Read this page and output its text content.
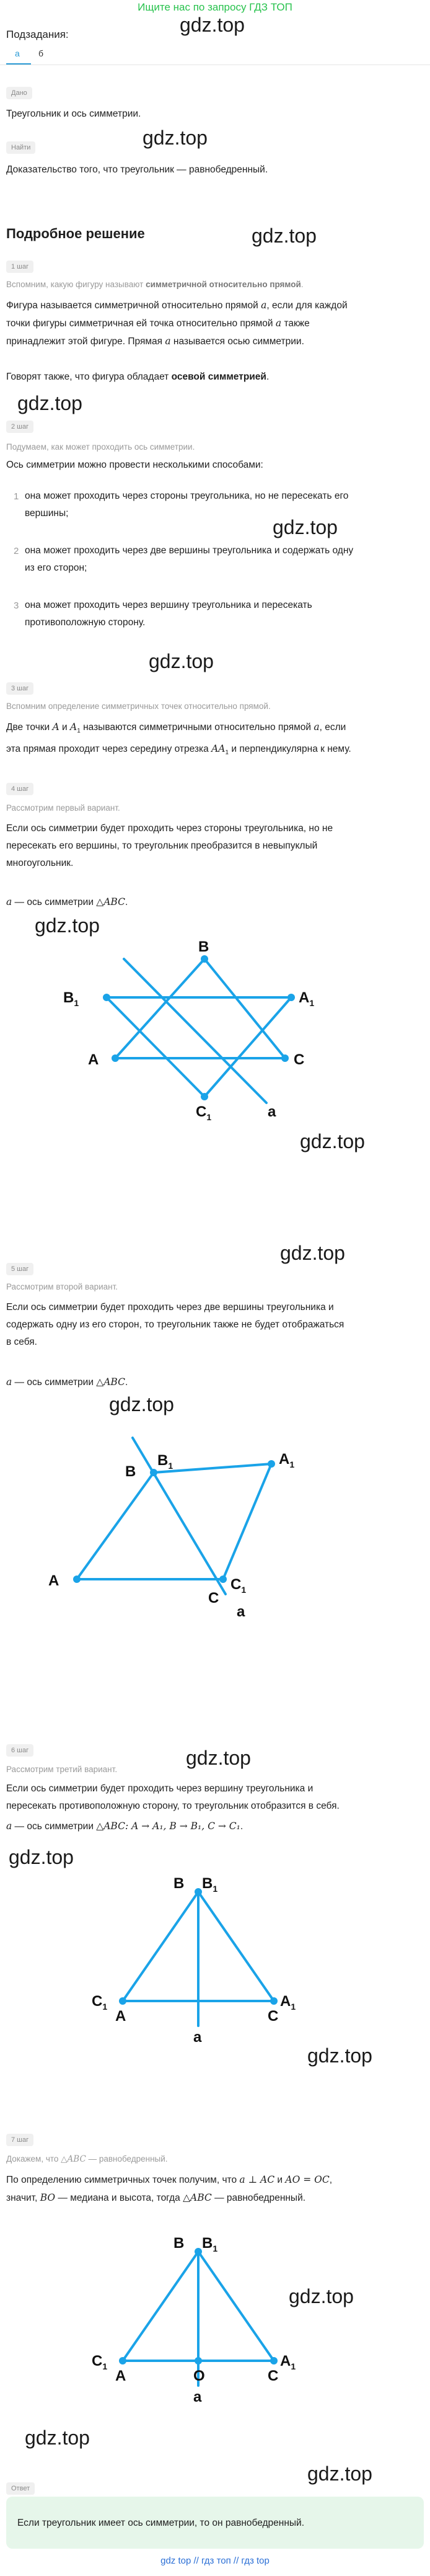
Ищите нас по запросу ГДЗ ТОП
gdz.top
Подзадания:
а б
Дано
Треугольник и ось симметрии.
Найти	gdz.top
Доказательство того, что треугольник — равнобедренный.
Подробное решение	gdz.top
1 шаг
Вспомним, какую фигуру называют симметричной относительно прямой.
Фигура называется симметричной относительно прямой a, если для каждой
точки фигуры симметричная ей точка относительно прямой a также
принадлежит этой фигуре. Прямая a называется осью симметрии.
Говорят также, что фигура обладает осевой симметрией.
gdz.top
2 шаг
Подумаем, как может проходить ось симметрии.
Ось симметрии можно провести несколькими способами:
gdz.top
1 она может проходить через стороны треугольника, но не пересекать его
вершины;
2 она может проходить через две вершины треугольника и содержать одну
из его сторон;
3 она может проходить через вершину треугольника и пересекать
противоположную сторону.
gdz.top
3 шаг
Вспомним определение симметричных точек относительно прямой.
Две точки A и $A_1$ называются симметричными относительно прямой a, если
эта прямая проходит через середину отрезка $AA_1$ и перпендикулярна к нему.
4 шаг
Рассмотрим первый вариант.
Если ось симметрии будет проходить через стороны треугольника, но не
пересекать его вершины, то треугольник преобразится в невыпуклый
многоугольник.
a — ось симметрии △ABC.
gdz.top
gdz.top
B
$B_1$	$A_1$
A	C
$C_1$	a
5 шаг
gdz.top
Рассмотрим второй вариант.
Если ось симметрии будет проходить через две вершины треугольника и
содержать одну из его сторон, то треугольник также не будет отображаться
в себя.
a — ось симметрии △ABC.
gdz.top
B
$B_1$	$A_1$
A
C
$C_1$
a
6 шаг	gdz.top
Рассмотрим третий вариант.
Если ось симметрии будет проходить через вершину треугольника и
пересекать противоположную сторону, то треугольник отобразится в себя.
a — ось симметрии △ABC: A → A₁, B → B₁, C → C₁.
gdz.top
gdz.top
B $B_1$
$C_1$
A	C
$A_1$
a
7 шаг
Докажем, что △ABC — равнобедренный.
По определению симметричных точек получим, что a ⊥ AC и AO = OC,
значит, BO — медиана и высота, тогда △ABC — равнобедренный.
gdz.top
gdz.top
gdz.top
B $B_1$
$C_1$
A	O	C
$A_1$
a
Ответ
Если треугольник имеет ось симметрии, то он равнобедренный.
gdz top // гдз топ // гдз top
